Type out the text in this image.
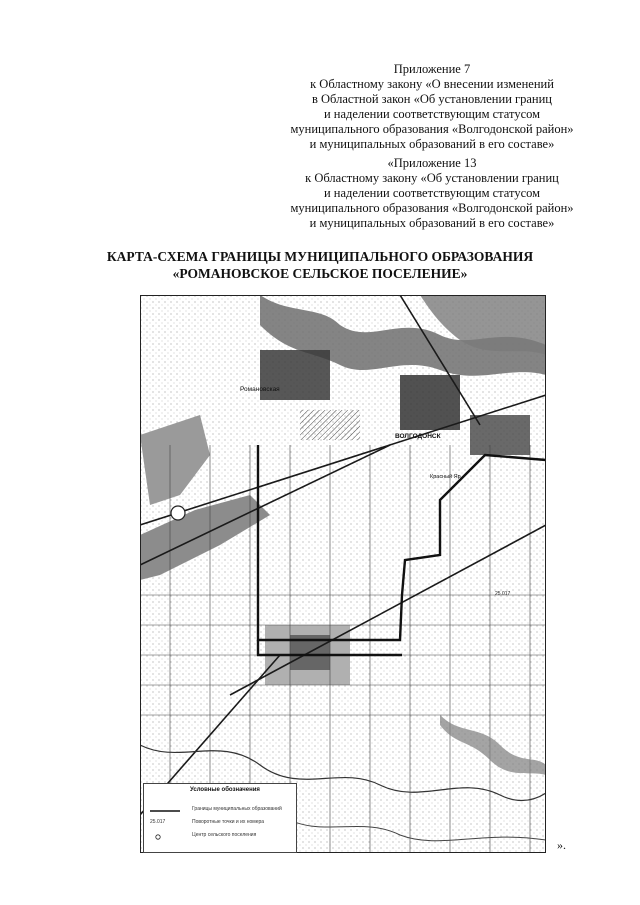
Приложение 7
к Областному закону «О внесении изменений
в Областной закон «Об установлении границ
и наделении соответствующим статусом
муниципального образования «Волгодонской район»
и муниципальных образований в его составе»
«Приложение 13
к Областному закону «Об установлении границ
и наделении соответствующим статусом
муниципального образования «Волгодонской район»
и муниципальных образований в его составе»
КАРТА-СХЕМА ГРАНИЦЫ МУНИЦИПАЛЬНОГО ОБРАЗОВАНИЯ
«РОМАНОВСКОЕ СЕЛЬСКОЕ ПОСЕЛЕНИЕ»
Романовская
ВОЛГОДОНСК
Красный Яр
25.017
Условные обозначения
Границы муниципальных образований
25.017	Поворотные точки и их номера
Центр сельского поселения
».
